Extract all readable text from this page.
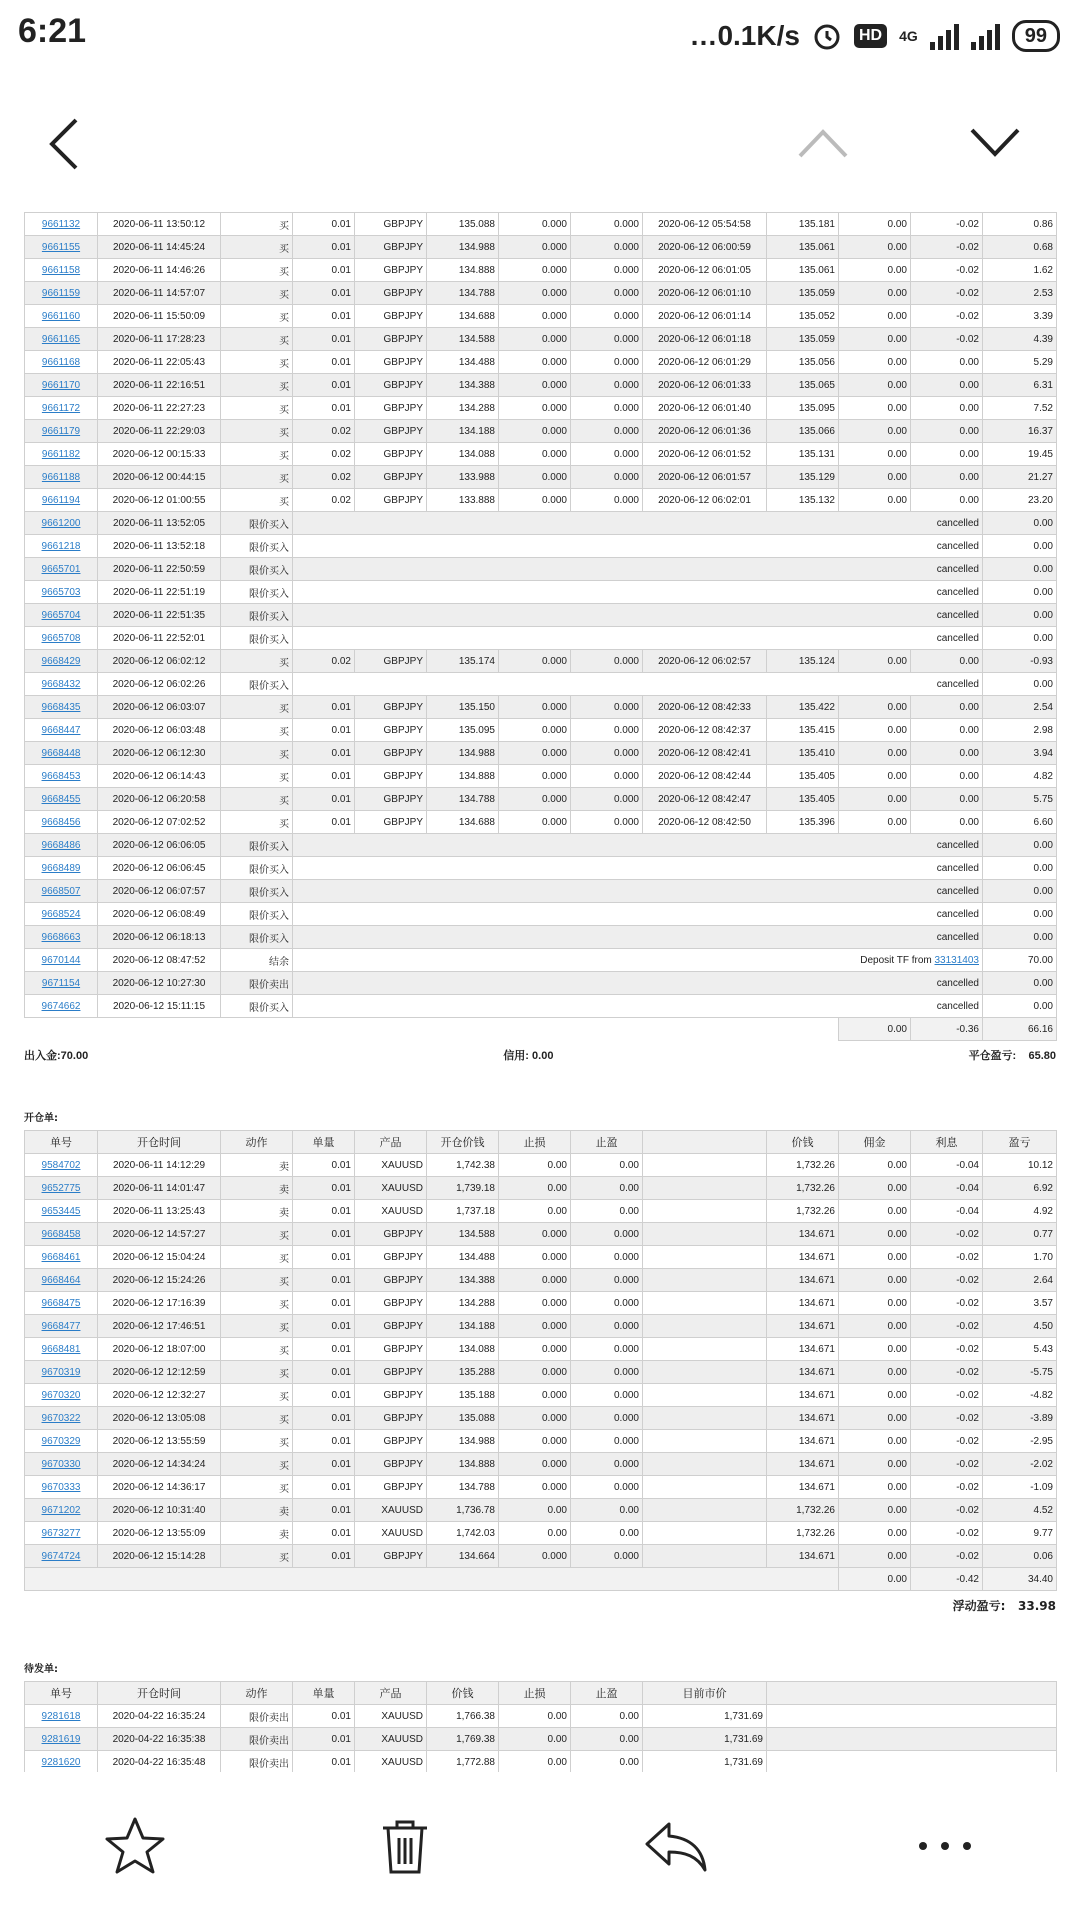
6:21	…0.1K/s	HD	4G	99
9661132	2020-06-11 13:50:12	买	0.01	GBPJPY	135.088	0.000	0.000	2020-06-12 05:54:58	135.181	0.00	-0.02	0.86
9661155	2020-06-11 14:45:24	买	0.01	GBPJPY	134.988	0.000	0.000	2020-06-12 06:00:59	135.061	0.00	-0.02	0.68
9661158	2020-06-11 14:46:26	买	0.01	GBPJPY	134.888	0.000	0.000	2020-06-12 06:01:05	135.061	0.00	-0.02	1.62
9661159	2020-06-11 14:57:07	买	0.01	GBPJPY	134.788	0.000	0.000	2020-06-12 06:01:10	135.059	0.00	-0.02	2.53
9661160	2020-06-11 15:50:09	买	0.01	GBPJPY	134.688	0.000	0.000	2020-06-12 06:01:14	135.052	0.00	-0.02	3.39
9661165	2020-06-11 17:28:23	买	0.01	GBPJPY	134.588	0.000	0.000	2020-06-12 06:01:18	135.059	0.00	-0.02	4.39
9661168	2020-06-11 22:05:43	买	0.01	GBPJPY	134.488	0.000	0.000	2020-06-12 06:01:29	135.056	0.00	0.00	5.29
9661170	2020-06-11 22:16:51	买	0.01	GBPJPY	134.388	0.000	0.000	2020-06-12 06:01:33	135.065	0.00	0.00	6.31
9661172	2020-06-11 22:27:23	买	0.01	GBPJPY	134.288	0.000	0.000	2020-06-12 06:01:40	135.095	0.00	0.00	7.52
9661179	2020-06-11 22:29:03	买	0.02	GBPJPY	134.188	0.000	0.000	2020-06-12 06:01:36	135.066	0.00	0.00	16.37
9661182	2020-06-12 00:15:33	买	0.02	GBPJPY	134.088	0.000	0.000	2020-06-12 06:01:52	135.131	0.00	0.00	19.45
9661188	2020-06-12 00:44:15	买	0.02	GBPJPY	133.988	0.000	0.000	2020-06-12 06:01:57	135.129	0.00	0.00	21.27
9661194	2020-06-12 01:00:55	买	0.02	GBPJPY	133.888	0.000	0.000	2020-06-12 06:02:01	135.132	0.00	0.00	23.20
9661200	2020-06-11 13:52:05	限价买入	cancelled									0.00
9661218	2020-06-11 13:52:18	限价买入	cancelled									0.00
9665701	2020-06-11 22:50:59	限价买入	cancelled									0.00
9665703	2020-06-11 22:51:19	限价买入	cancelled									0.00
9665704	2020-06-11 22:51:35	限价买入	cancelled									0.00
9665708	2020-06-11 22:52:01	限价买入	cancelled									0.00
9668429	2020-06-12 06:02:12	买	0.02	GBPJPY	135.174	0.000	0.000	2020-06-12 06:02:57	135.124	0.00	0.00	-0.93
9668432	2020-06-12 06:02:26	限价买入	cancelled									0.00
9668435	2020-06-12 06:03:07	买	0.01	GBPJPY	135.150	0.000	0.000	2020-06-12 08:42:33	135.422	0.00	0.00	2.54
9668447	2020-06-12 06:03:48	买	0.01	GBPJPY	135.095	0.000	0.000	2020-06-12 08:42:37	135.415	0.00	0.00	2.98
9668448	2020-06-12 06:12:30	买	0.01	GBPJPY	134.988	0.000	0.000	2020-06-12 08:42:41	135.410	0.00	0.00	3.94
9668453	2020-06-12 06:14:43	买	0.01	GBPJPY	134.888	0.000	0.000	2020-06-12 08:42:44	135.405	0.00	0.00	4.82
9668455	2020-06-12 06:20:58	买	0.01	GBPJPY	134.788	0.000	0.000	2020-06-12 08:42:47	135.405	0.00	0.00	5.75
9668456	2020-06-12 07:02:52	买	0.01	GBPJPY	134.688	0.000	0.000	2020-06-12 08:42:50	135.396	0.00	0.00	6.60
9668486	2020-06-12 06:06:05	限价买入	cancelled									0.00
9668489	2020-06-12 06:06:45	限价买入	cancelled									0.00
9668507	2020-06-12 06:07:57	限价买入	cancelled									0.00
9668524	2020-06-12 06:08:49	限价买入	cancelled									0.00
9668663	2020-06-12 06:18:13	限价买入	cancelled									0.00
9670144	2020-06-12 08:47:52	结余	Deposit TF from 33131403									70.00
9671154	2020-06-12 10:27:30	限价卖出	cancelled									0.00
9674662	2020-06-12 15:11:15	限价买入	cancelled									0.00
										0.00	-0.36	66.16
出入金:70.00	信用: 0.00	平仓盈亏: 65.80
开仓单:
单号	开仓时间	动作	单量	产品	开仓价钱	止损	止盈		价钱	佣金	利息	盈亏
9584702	2020-06-11 14:12:29	卖	0.01	XAUUSD	1,742.38	0.00	0.00		1,732.26	0.00	-0.04	10.12
9652775	2020-06-11 14:01:47	卖	0.01	XAUUSD	1,739.18	0.00	0.00		1,732.26	0.00	-0.04	6.92
9653445	2020-06-11 13:25:43	卖	0.01	XAUUSD	1,737.18	0.00	0.00		1,732.26	0.00	-0.04	4.92
9668458	2020-06-12 14:57:27	买	0.01	GBPJPY	134.588	0.000	0.000		134.671	0.00	-0.02	0.77
9668461	2020-06-12 15:04:24	买	0.01	GBPJPY	134.488	0.000	0.000		134.671	0.00	-0.02	1.70
9668464	2020-06-12 15:24:26	买	0.01	GBPJPY	134.388	0.000	0.000		134.671	0.00	-0.02	2.64
9668475	2020-06-12 17:16:39	买	0.01	GBPJPY	134.288	0.000	0.000		134.671	0.00	-0.02	3.57
9668477	2020-06-12 17:46:51	买	0.01	GBPJPY	134.188	0.000	0.000		134.671	0.00	-0.02	4.50
9668481	2020-06-12 18:07:00	买	0.01	GBPJPY	134.088	0.000	0.000		134.671	0.00	-0.02	5.43
9670319	2020-06-12 12:12:59	买	0.01	GBPJPY	135.288	0.000	0.000		134.671	0.00	-0.02	-5.75
9670320	2020-06-12 12:32:27	买	0.01	GBPJPY	135.188	0.000	0.000		134.671	0.00	-0.02	-4.82
9670322	2020-06-12 13:05:08	买	0.01	GBPJPY	135.088	0.000	0.000		134.671	0.00	-0.02	-3.89
9670329	2020-06-12 13:55:59	买	0.01	GBPJPY	134.988	0.000	0.000		134.671	0.00	-0.02	-2.95
9670330	2020-06-12 14:34:24	买	0.01	GBPJPY	134.888	0.000	0.000		134.671	0.00	-0.02	-2.02
9670333	2020-06-12 14:36:17	买	0.01	GBPJPY	134.788	0.000	0.000		134.671	0.00	-0.02	-1.09
9671202	2020-06-12 10:31:40	卖	0.01	XAUUSD	1,736.78	0.00	0.00		1,732.26	0.00	-0.02	4.52
9673277	2020-06-12 13:55:09	卖	0.01	XAUUSD	1,742.03	0.00	0.00		1,732.26	0.00	-0.02	9.77
9674724	2020-06-12 15:14:28	买	0.01	GBPJPY	134.664	0.000	0.000		134.671	0.00	-0.02	0.06
										0.00	-0.42	34.40
浮动盈亏: 33.98
待发单:
单号	开仓时间	动作	单量	产品	价钱	止损	止盈	目前市价	
9281618	2020-04-22 16:35:24	限价卖出	0.01	XAUUSD	1,766.38	0.00	0.00	1,731.69	
9281619	2020-04-22 16:35:38	限价卖出	0.01	XAUUSD	1,769.38	0.00	0.00	1,731.69	
9281620	2020-04-22 16:35:48	限价卖出	0.01	XAUUSD	1,772.88	0.00	0.00	1,731.69	
